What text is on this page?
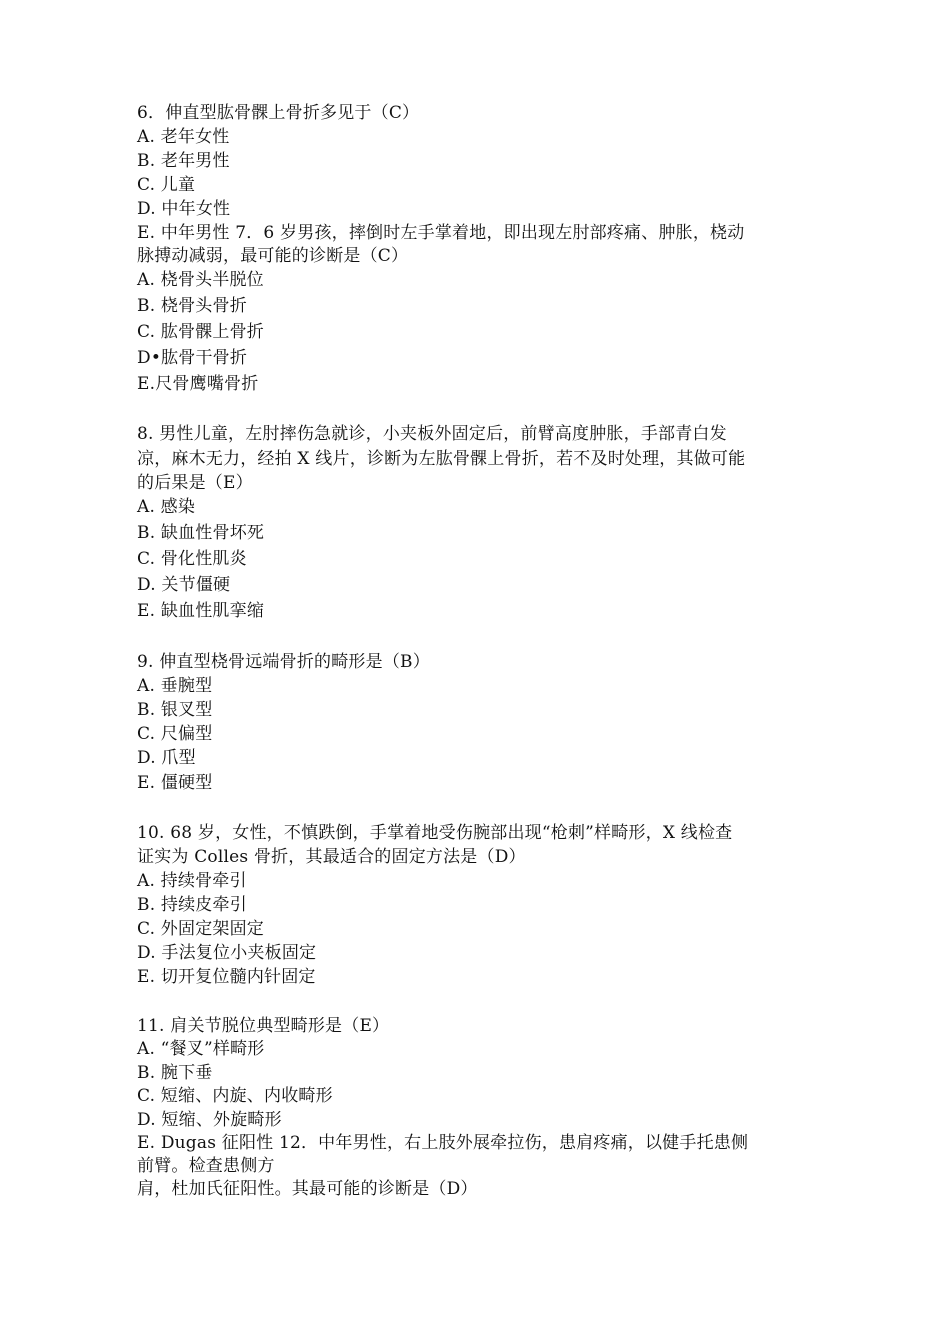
6．伸直型肱骨髁上骨折多见于（C）
A. 老年女性
B. 老年男性
C. 儿童
D. 中年女性
E. 中年男性 7．6 岁男孩，摔倒时左手掌着地，即出现左肘部疼痛、肿胀，桡动
脉搏动减弱，最可能的诊断是（C）
A. 桡骨头半脱位
B. 桡骨头骨折
C. 肱骨髁上骨折
D•肱骨干骨折
E.尺骨鹰嘴骨折
8. 男性儿童，左肘摔伤急就诊，小夹板外固定后，前臂高度肿胀，手部青白发
凉，麻木无力，经拍 X 线片，诊断为左肱骨髁上骨折，若不及时处理，其做可能
的后果是（E）
A. 感染
B. 缺血性骨坏死
C. 骨化性肌炎
D. 关节僵硬
E. 缺血性肌挛缩
9. 伸直型桡骨远端骨折的畸形是（B）
A. 垂腕型
B. 银叉型
C. 尺偏型
D. 爪型
E. 僵硬型
10. 68 岁，女性，不慎跌倒，手掌着地受伤腕部出现“枪刺”样畸形，X 线检查
证实为 Colles 骨折，其最适合的固定方法是（D）
A. 持续骨牵引
B. 持续皮牵引
C. 外固定架固定
D. 手法复位小夹板固定
E. 切开复位髓内针固定
11. 肩关节脱位典型畸形是（E）
A. “餐叉”样畸形
B. 腕下垂
C. 短缩、内旋、内收畸形
D. 短缩、外旋畸形
E. Dugas 征阳性 12．中年男性，右上肢外展牵拉伤，患肩疼痛，以健手托患侧
前臂。检查患侧方
肩，杜加氏征阳性。其最可能的诊断是（D）
